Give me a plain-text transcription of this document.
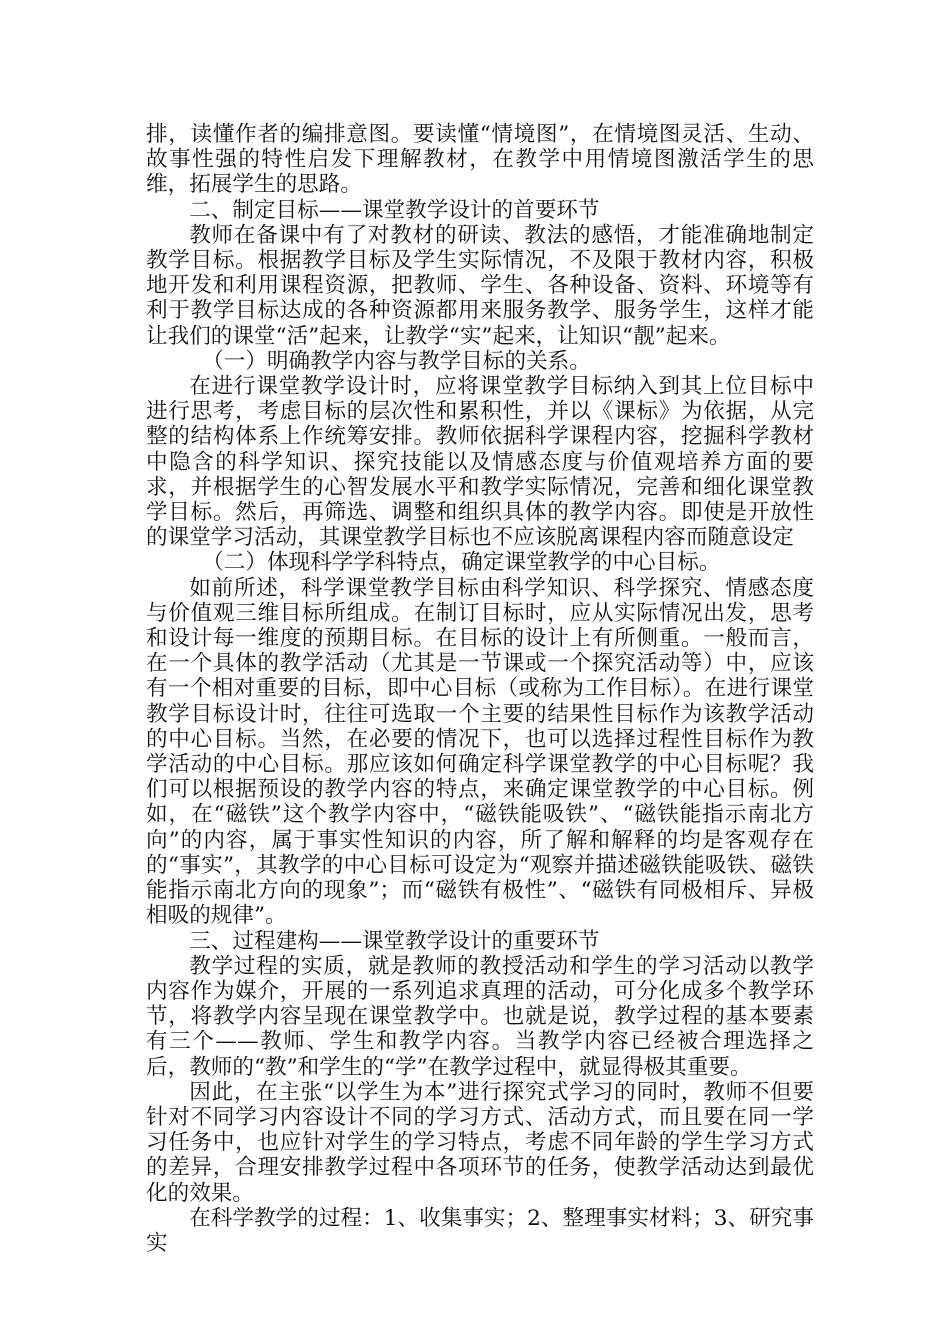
排，读懂作者的编排意图。要读懂“情境图”，在情境图灵活、生动、故事性强的特性启发下理解教材，在教学中用情境图激活学生的思维，拓展学生的思路。

二、制定目标——课堂教学设计的首要环节

教师在备课中有了对教材的研读、教法的感悟，才能准确地制定教学目标。根据教学目标及学生实际情况，不及限于教材内容，积极地开发和利用课程资源，把教师、学生、各种设备、资料、环境等有利于教学目标达成的各种资源都用来服务教学、服务学生，这样才能让我们的课堂“活”起来，让教学“实”起来，让知识“靓”起来。

（一）明确教学内容与教学目标的关系。

在进行课堂教学设计时，应将课堂教学目标纳入到其上位目标中进行思考，考虑目标的层次性和累积性，并以《课标》为依据，从完整的结构体系上作统筹安排。教师依据科学课程内容，挖掘科学教材中隐含的科学知识、探究技能以及情感态度与价值观培养方面的要求，并根据学生的心智发展水平和教学实际情况，完善和细化课堂教学目标。然后，再筛选、调整和组织具体的教学内容。即使是开放性的课堂学习活动，其课堂教学目标也不应该脱离课程内容而随意设定

（二）体现科学学科特点，确定课堂教学的中心目标。

如前所述，科学课堂教学目标由科学知识、科学探究、情感态度与价值观三维目标所组成。在制订目标时，应从实际情况出发，思考和设计每一维度的预期目标。在目标的设计上有所侧重。一般而言，在一个具体的教学活动（尤其是一节课或一个探究活动等）中，应该有一个相对重要的目标，即中心目标（或称为工作目标）。在进行课堂教学目标设计时，往往可选取一个主要的结果性目标作为该教学活动的中心目标。当然，在必要的情况下，也可以选择过程性目标作为教学活动的中心目标。那应该如何确定科学课堂教学的中心目标呢？我们可以根据预设的教学内容的特点，来确定课堂教学的中心目标。例如，在“磁铁”这个教学内容中，“磁铁能吸铁”、“磁铁能指示南北方向”的内容，属于事实性知识的内容，所了解和解释的均是客观存在的“事实”，其教学的中心目标可设定为“观察并描述磁铁能吸铁、磁铁能指示南北方向的现象”；而“磁铁有极性”、“磁铁有同极相斥、异极相吸的规律”。

三、过程建构——课堂教学设计的重要环节

教学过程的实质，就是教师的教授活动和学生的学习活动以教学内容作为媒介，开展的一系列追求真理的活动，可分化成多个教学环节，将教学内容呈现在课堂教学中。也就是说，教学过程的基本要素有三个——教师、学生和教学内容。当教学内容已经被合理选择之后，教师的“教”和学生的“学”在教学过程中，就显得极其重要。

因此，在主张“以学生为本”进行探究式学习的同时，教师不但要针对不同学习内容设计不同的学习方式、活动方式，而且要在同一学习任务中，也应针对学生的学习特点，考虑不同年龄的学生学习方式的差异，合理安排教学过程中各项环节的任务，使教学活动达到最优化的效果。

在科学教学的过程：1、收集事实；2、整理事实材料；3、研究事实
